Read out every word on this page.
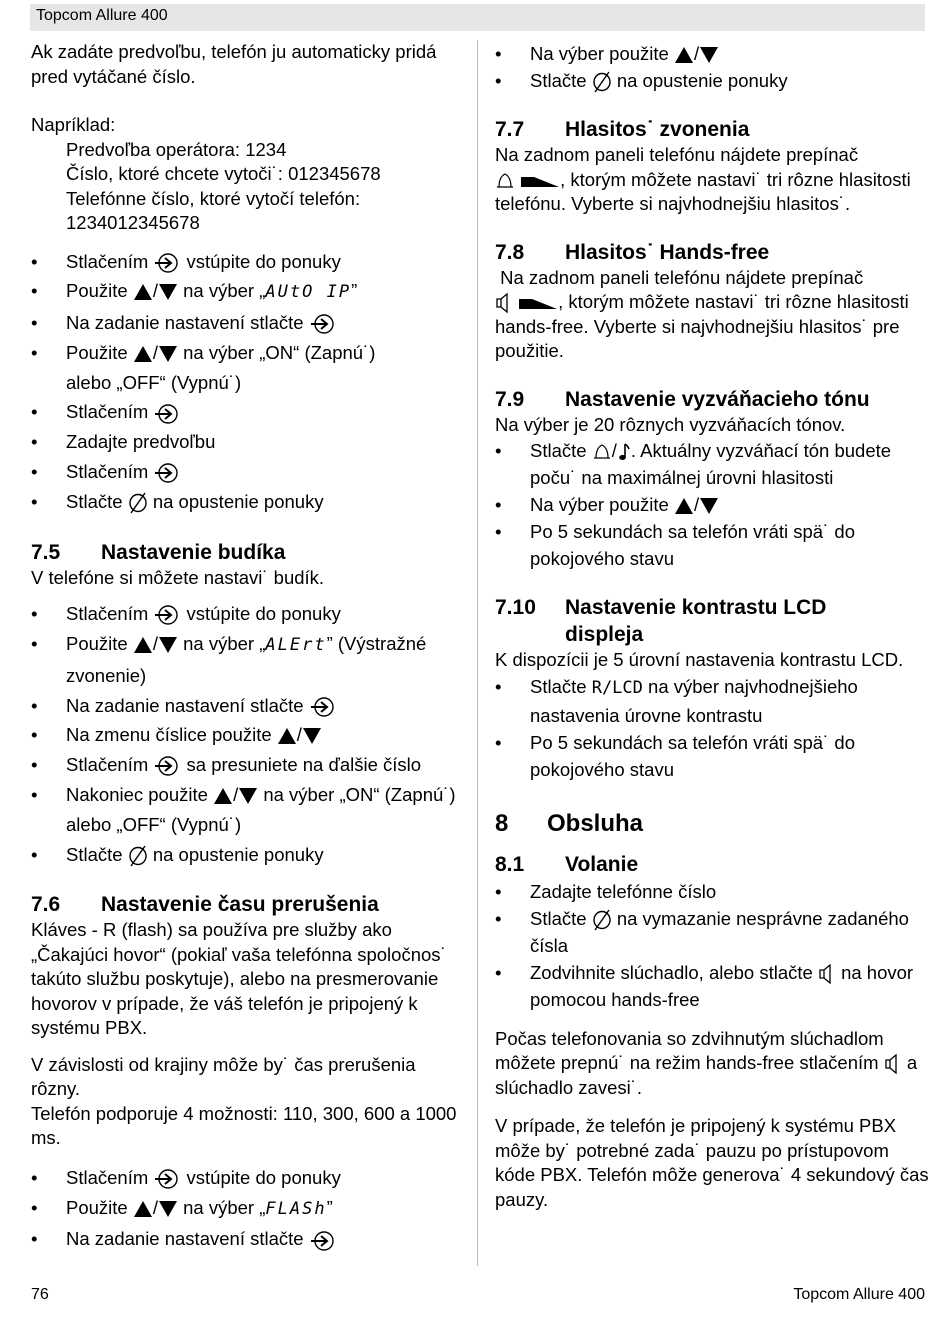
Topcom Allure 400

Ak zadáte predvoľbu, telefón ju automaticky pridá pred vytáčané číslo.

Napríklad:

Predvoľba operátora: 1234

Číslo, ktoré chcete vytoči˙: 012345678

Telefónne číslo, ktoré vytočí telefón:

1234012345678

• Stlačením vstúpite do ponuky
• Použite / na výber „AUtO IP”
• Na zadanie nastavení stlačte
• Použite / na výber „ON“ (Zapnú˙)
alebo „OFF“ (Vypnú˙)
• Stlačením
• Zadajte predvoľbu
• Stlačením
• Stlačte na opustenie ponuky
7.5	Nastavenie budíka

V telefóne si môžete nastavi˙ budík.

• Stlačením vstúpite do ponuky
• Použite / na výber „ALErt” (Výstražné zvonenie)
• Na zadanie nastavení stlačte
• Na zmenu číslice použite /
• Stlačením sa presuniete na ďalšie číslo
• Nakoniec použite / na výber „ON“ (Zapnú˙) alebo „OFF“ (Vypnú˙)
• Stlačte na opustenie ponuky
7.6	Nastavenie času prerušenia

Kláves - R (flash) sa používa pre služby ako „Čakajúci hovor“ (pokiaľ vaša telefónna spoločnos˙ takúto službu poskytuje), alebo na presmerovanie hovorov v prípade, že váš telefón je pripojený k systému PBX.

V závislosti od krajiny môže by˙ čas prerušenia rôzny.

Telefón podporuje 4 možnosti: 110, 300, 600 a 1000 ms.

• Stlačením vstúpite do ponuky
• Použite / na výber „FLASh”
• Na zadanie nastavení stlačte
• Na výber použite /
• Stlačte na opustenie ponuky
7.7	Hlasitos˙ zvonenia

Na zadnom paneli telefónu nájdete prepínač
, ktorým môžete nastavi˙ tri rôzne hlasitosti telefónu. Vyberte si najvhodnejšiu hlasitos˙.

7.8	Hlasitos˙ Hands-free

Na zadnom paneli telefónu nájdete prepínač
, ktorým môžete nastavi˙ tri rôzne hlasitosti hands-free. Vyberte si najvhodnejšiu hlasitos˙ pre použitie.

7.9	Nastavenie vyzváňacieho tónu

Na výber je 20 rôznych vyzváňacích tónov.

• Stlačte / . Aktuálny vyzváňací tón budete poču˙ na maximálnej úrovni hlasitosti
• Na výber použite /
• Po 5 sekundách sa telefón vráti spä˙ do pokojového stavu
7.10	Nastavenie kontrastu LCD
displeja

K dispozícii je 5 úrovní nastavenia kontrastu LCD.

• Stlačte R/LCD na výber najvhodnejšieho nastavenia úrovne kontrastu
• Po 5 sekundách sa telefón vráti spä˙ do pokojového stavu
8	Obsluha
8.1	Volanie
• Zadajte telefónne číslo
• Stlačte na vymazanie nesprávne zadaného čísla
• Zodvihnite slúchadlo, alebo stlačte na hovor pomocou hands-free

Počas telefonovania so zdvihnutým slúchadlom môžete prepnú˙ na režim hands-free stlačením a slúchadlo zavesi˙.

V prípade, že telefón je pripojený k systému PBX môže by˙ potrebné zada˙ pauzu po prístupovom kóde PBX. Telefón môže generova˙ 4 sekundový čas pauzy.

76	Topcom Allure 400
